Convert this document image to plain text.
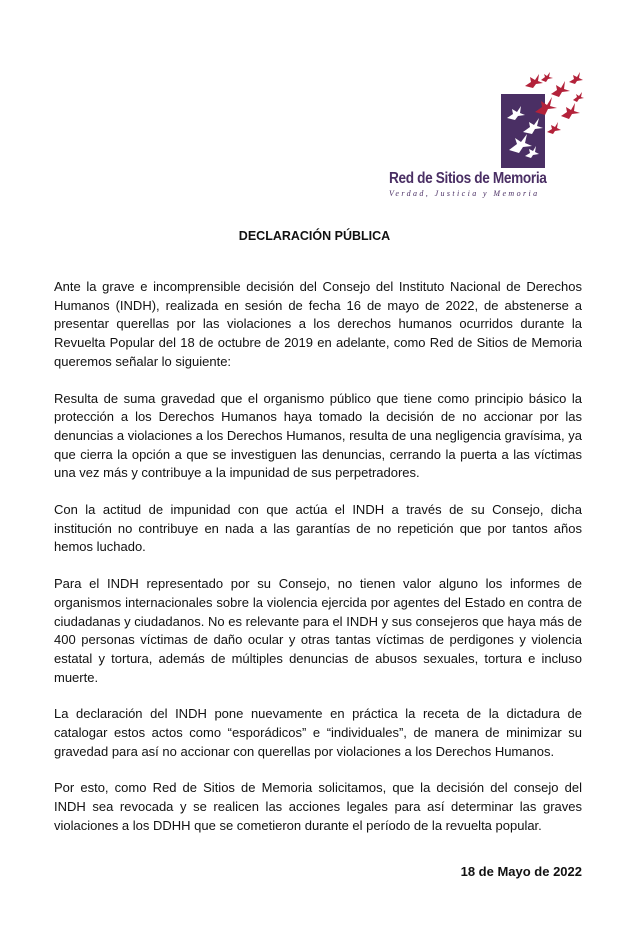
Red de Sitios de Memoria
Verdad, Justicia y Memoria
DECLARACIÓN PÚBLICA

Ante la grave e incomprensible decisión del Consejo del Instituto Nacional de Derechos Humanos (INDH), realizada en sesión de fecha 16 de mayo de 2022, de abstenerse a presentar querellas por las violaciones a los derechos humanos ocurridos durante la Revuelta Popular del 18 de octubre de 2019 en adelante, como Red de Sitios de Memoria queremos señalar lo siguiente:

Resulta de suma gravedad que el organismo público que tiene como principio básico la protección a los Derechos Humanos haya tomado la decisión de no accionar por las denuncias a violaciones a los Derechos Humanos, resulta de una negligencia gravísima, ya que cierra la opción a que se investiguen las denuncias, cerrando la puerta a las víctimas una vez más y contribuye a la impunidad de sus perpetradores.

Con la actitud de impunidad con que actúa el INDH a través de su Consejo, dicha institución no contribuye en nada a las garantías de no repetición que por tantos años hemos luchado.

Para el INDH representado por su Consejo, no tienen valor alguno los informes de organismos internacionales sobre la violencia ejercida por agentes del Estado en contra de ciudadanas y ciudadanos. No es relevante para el INDH y sus consejeros que haya más de 400 personas víctimas de daño ocular y otras tantas víctimas de perdigones y violencia estatal y tortura, además de múltiples denuncias de abusos sexuales, tortura e incluso muerte.

La declaración del INDH pone nuevamente en práctica la receta de la dictadura de catalogar estos actos como “esporádicos” e “individuales”, de manera de minimizar su gravedad para así no accionar con querellas por violaciones a los Derechos Humanos.

Por esto, como Red de Sitios de Memoria solicitamos, que la decisión del consejo del INDH sea revocada y se realicen las acciones legales para así determinar las graves violaciones a los DDHH que se cometieron durante el período de la revuelta popular.

18 de Mayo de 2022
